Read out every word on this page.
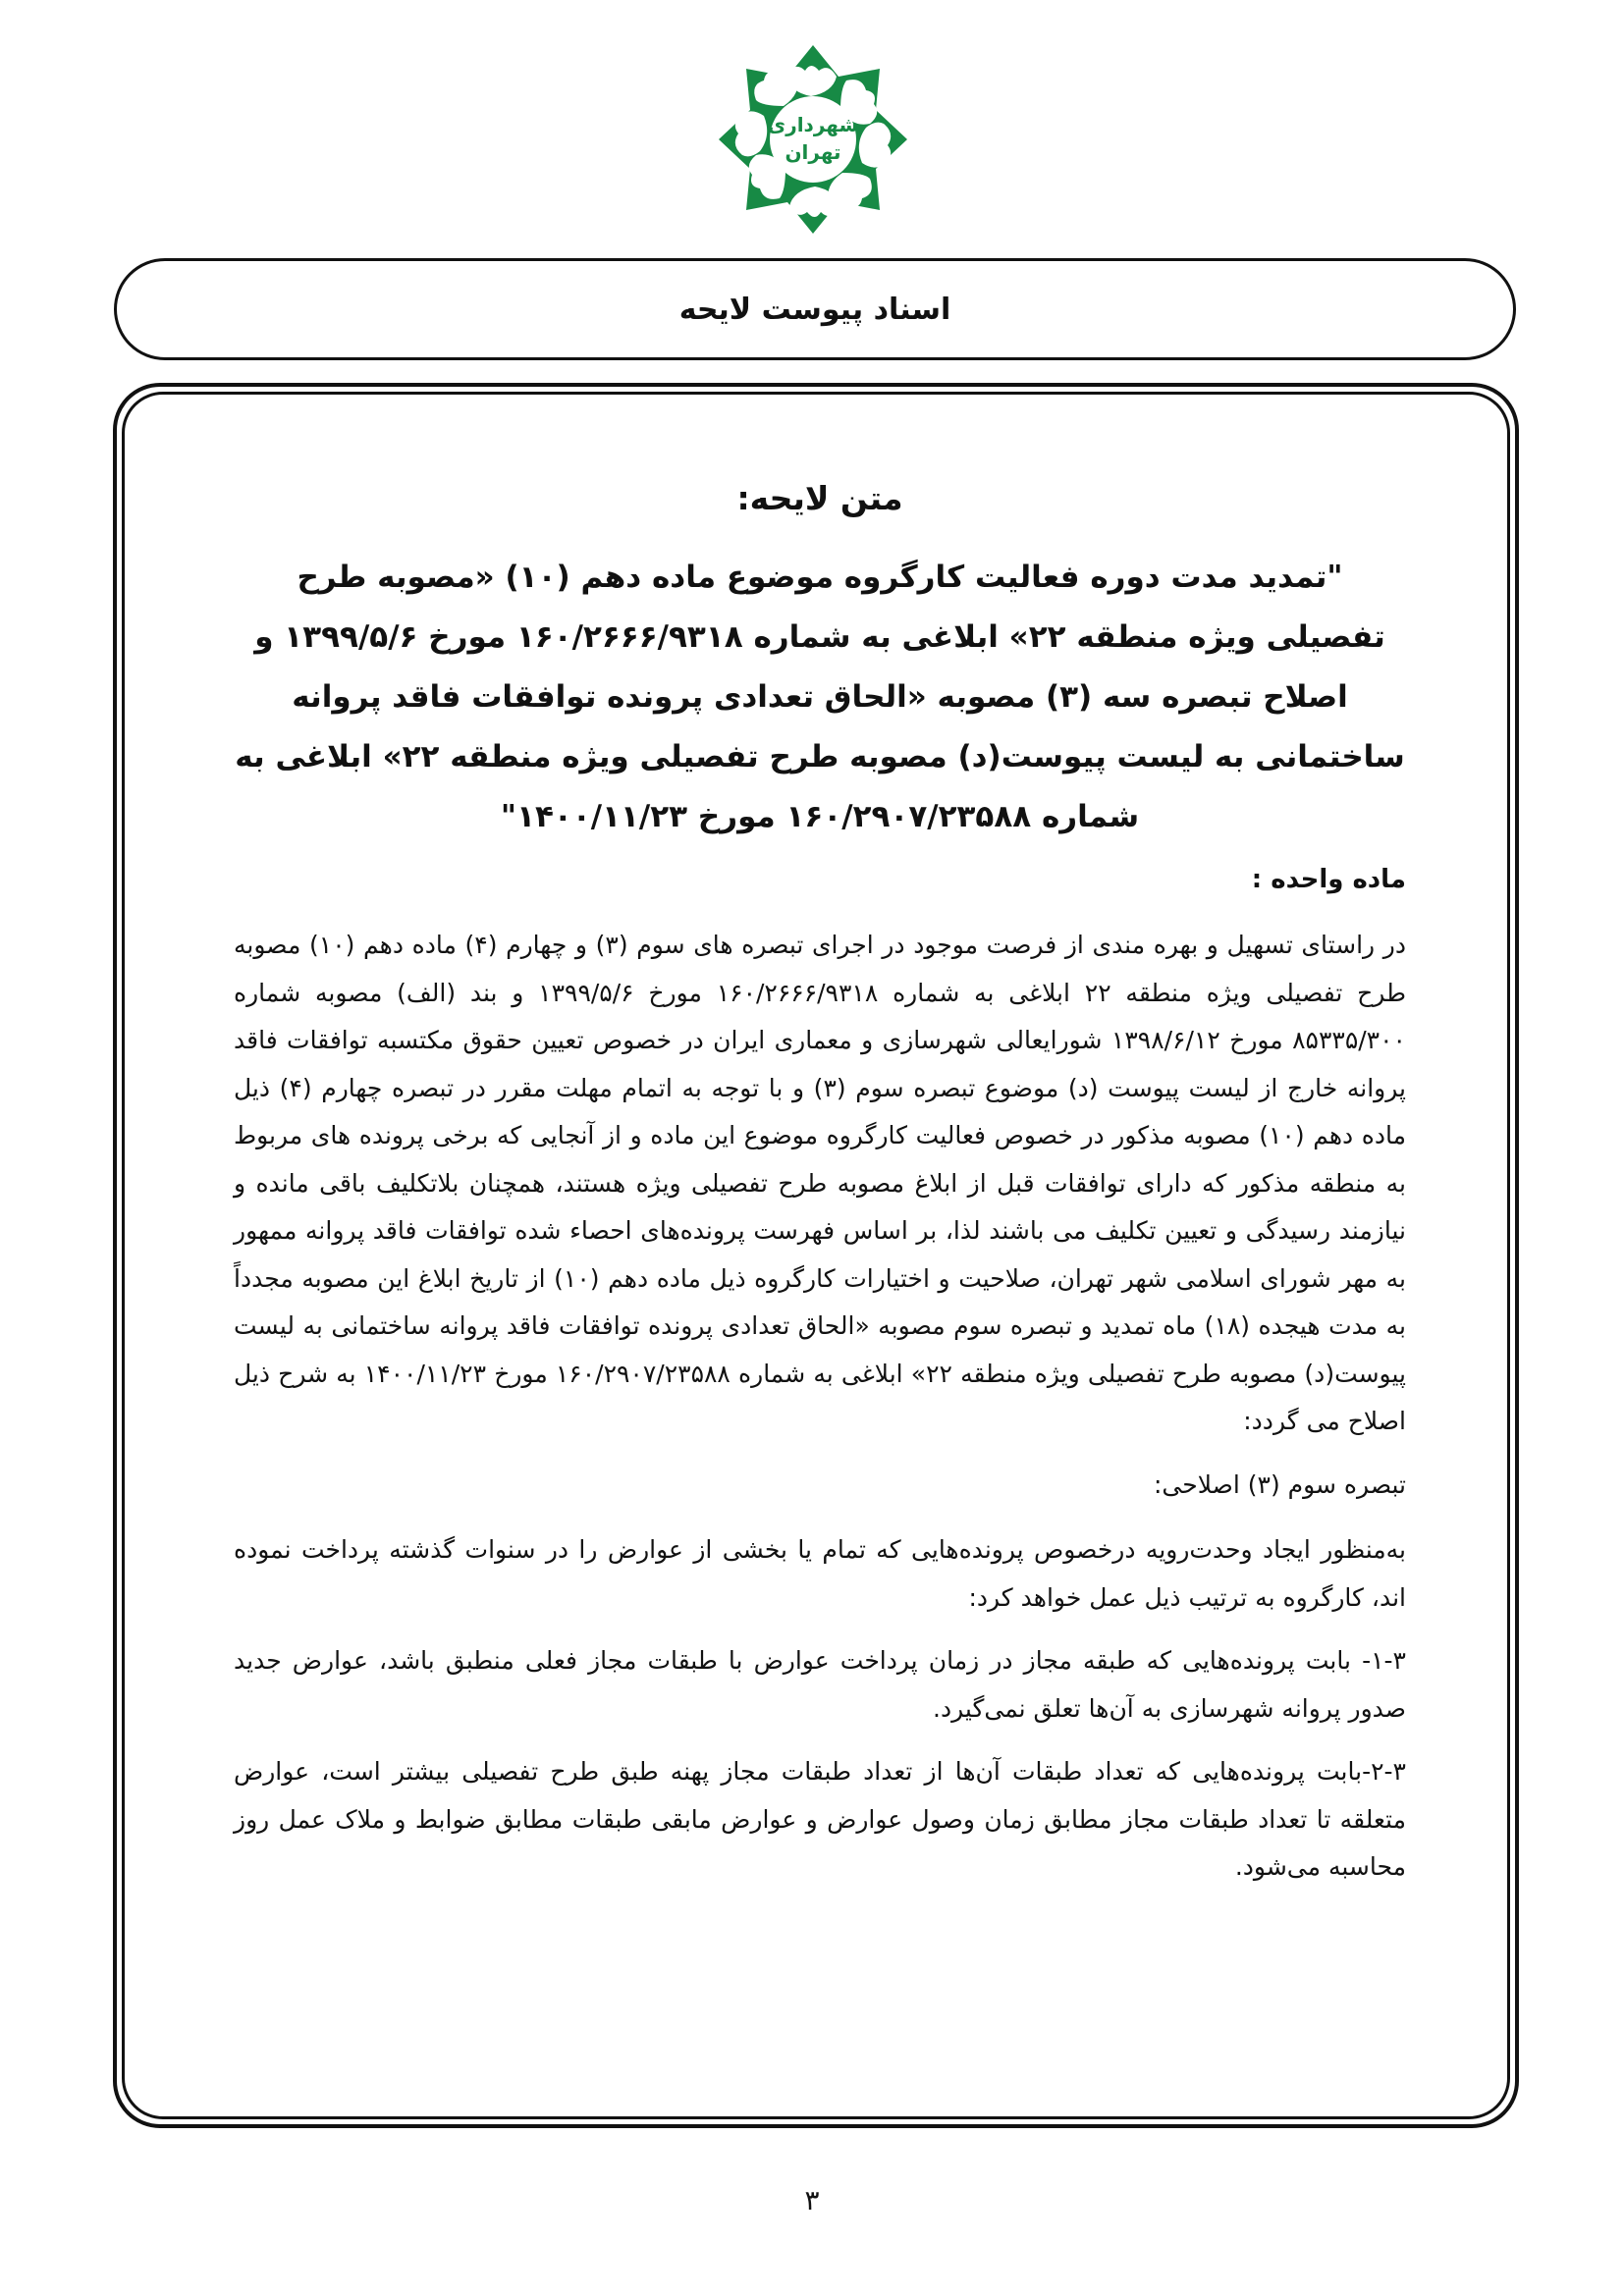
شهرداری
تهران
اسناد پیوست لایحه
متن لایحه:

"تمدید مدت دوره فعالیت کارگروه موضوع ماده دهم (۱۰) «مصوبه طرح تفصیلی ویژه منطقه ۲۲» ابلاغی به شماره ۱۶۰/۲۶۶۶/۹۳۱۸ مورخ ۱۳۹۹/۵/۶ و اصلاح تبصره سه (۳) مصوبه «الحاق تعدادی پرونده توافقات فاقد پروانه ساختمانی به لیست پیوست(د) مصوبه طرح تفصیلی ویژه منطقه ۲۲» ابلاغی به شماره ۱۶۰/۲۹۰۷/۲۳۵۸۸ مورخ ۱۴۰۰/۱۱/۲۳"

ماده واحده :

در راستای تسهیل و بهره مندی از فرصت موجود در اجرای تبصره های سوم (۳) و چهارم (۴) ماده دهم (۱۰) مصوبه طرح تفصیلی ویژه منطقه ۲۲ ابلاغی به شماره ۱۶۰/۲۶۶۶/۹۳۱۸ مورخ ۱۳۹۹/۵/۶ و بند (الف) مصوبه شماره ۸۵۳۳۵/۳۰۰ مورخ ۱۳۹۸/۶/۱۲ شورایعالی شهرسازی و معماری ایران در خصوص تعیین حقوق مکتسبه توافقات فاقد پروانه خارج از لیست پیوست (د) موضوع تبصره سوم (۳) و با توجه به اتمام مهلت مقرر در تبصره چهارم (۴) ذیل ماده دهم (۱۰) مصوبه مذکور در خصوص فعالیت کارگروه موضوع این ماده و از آنجایی که برخی پرونده های مربوط به منطقه مذکور که دارای توافقات قبل از ابلاغ مصوبه طرح تفصیلی ویژه هستند، همچنان بلاتکلیف باقی مانده و نیازمند رسیدگی و تعیین تکلیف می باشند لذا، بر اساس فهرست پرونده‌های احصاء شده توافقات فاقد پروانه ممهور به مهر شورای اسلامی شهر تهران، صلاحیت و اختیارات کارگروه ذیل ماده دهم (۱۰) از تاریخ ابلاغ این مصوبه مجدداً به مدت هیجده (۱۸) ماه تمدید و تبصره سوم مصوبه «الحاق تعدادی پرونده توافقات فاقد پروانه ساختمانی به لیست پیوست(د) مصوبه طرح تفصیلی ویژه منطقه ۲۲» ابلاغی به شماره ۱۶۰/۲۹۰۷/۲۳۵۸۸ مورخ ۱۴۰۰/۱۱/۲۳ به شرح ذیل اصلاح می گردد:

تبصره سوم (۳) اصلاحی:

به‌منظور ایجاد وحدت‌رویه درخصوص پرونده‌هایی که تمام یا بخشی از عوارض را در سنوات گذشته پرداخت نموده اند، کارگروه به ترتیب ذیل عمل خواهد کرد:

۱-۳- بابت پرونده‌هایی که طبقه مجاز در زمان پرداخت عوارض با طبقات مجاز فعلی منطبق باشد، عوارض جدید صدور پروانه شهرسازی به آن‌ها تعلق نمی‌گیرد.

۲-۳-بابت پرونده‌هایی که تعداد طبقات آن‌ها از تعداد طبقات مجاز پهنه طبق طرح تفصیلی بیشتر است، عوارض متعلقه تا تعداد طبقات مجاز مطابق زمان وصول عوارض و عوارض مابقی طبقات مطابق ضوابط و ملاک عمل روز محاسبه می‌شود.

۳
